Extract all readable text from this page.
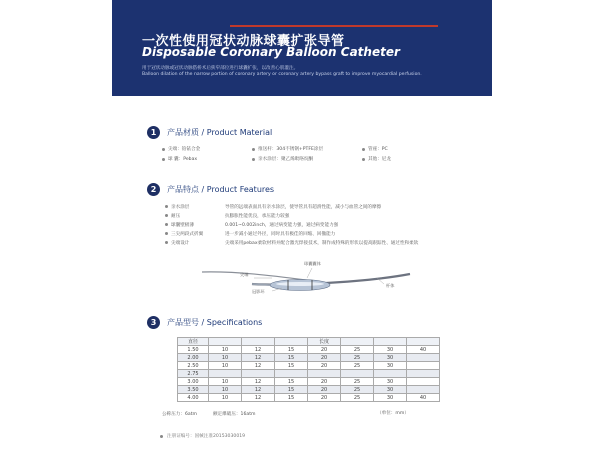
一次性使用冠状动脉球囊扩张导管
Disposable Coronary Balloon Catheter
用于冠状动脉或冠状动脉搭桥术后狭窄部位进行球囊扩张，以改善心肌灌注。
Balloon dilation of the narrow portion of coronary artery or coronary artery bypass graft to improve myocardial perfusion.
1	产品材质 / Product Material
尖端：铂铱合金	推送杆：304不锈钢+PTFE涂层	管座：PC
球 囊：Pebax	亲水涂层：聚乙烯吡咯烷酮	其他：尼龙
2	产品特点 / Product Features
亲水涂层	导管的远端表面具有亲水涂层，使导管具有超滑性能，减小与血管之间的摩擦
耐压	抗膨胀性能优良，承压能力较强
球囊壁极薄	0.001~0.002inch，通过病变能力强，通过病变能力强
三尖两段式折翼	进一步减小通过外径，同时具有极佳的回缩、回撤能力
尖端设计	尖端采用pebax柔软材料并配合激光焊接技术，制作成特殊的形状以提高跟踪性、通过性和柔软
尖端
冠影环
球囊囊体
杆体
3	产品型号 / Specifications
直径				长度			
1.50	10	12	15	20	25	30	40
2.00	10	12	15	20	25	30	
2.50	10	12	15	20	25	30	
2.75							
3.00	10	12	15	20	25	30	
3.50	10	12	15	20	25	30	
4.00	10	12	15	20	25	30	40
公称压力：6atm	额定爆破压：16atm	（单位：mm）
注册证编号：国械注准20153030019
